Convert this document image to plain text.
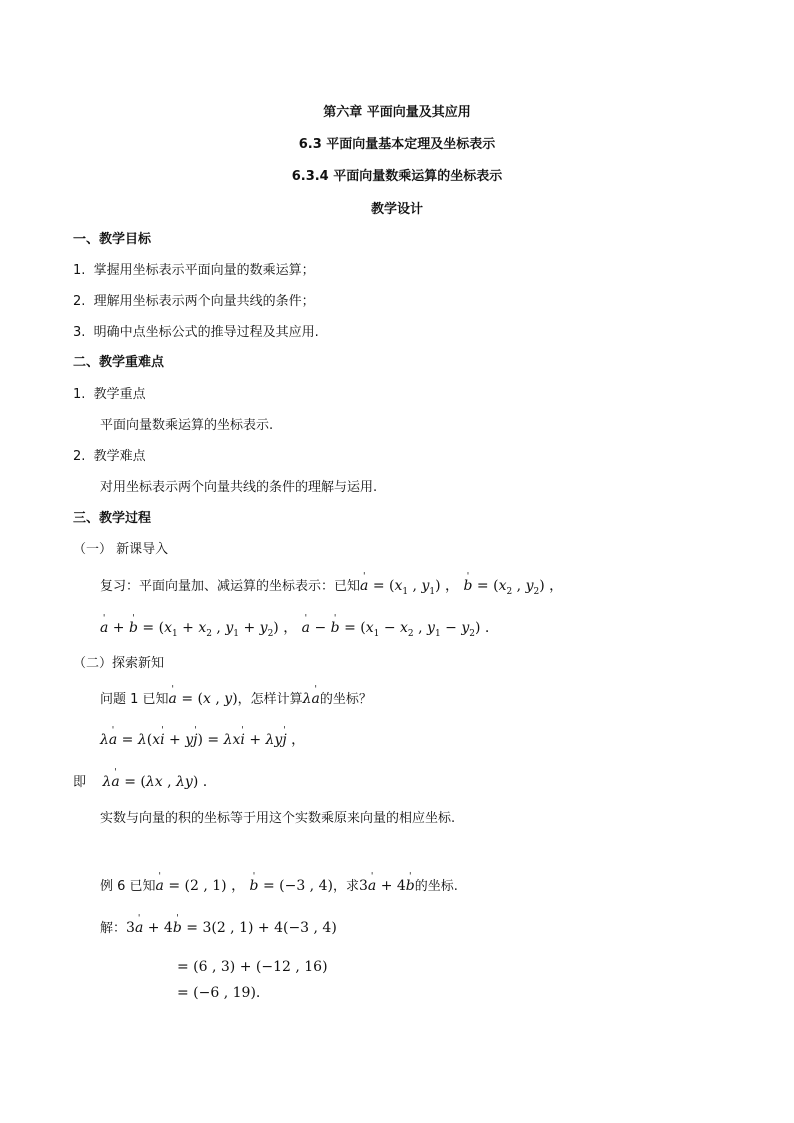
第六章 平面向量及其应用
6.3 平面向量基本定理及坐标表示
6.3.4 平面向量数乘运算的坐标表示
教学设计
一、教学目标
1. 掌握用坐标表示平面向量的数乘运算；
2. 理解用坐标表示两个向量共线的条件；
3. 明确中点坐标公式的推导过程及其应用.
二、教学重难点
1. 教学重点
平面向量数乘运算的坐标表示.
2. 教学难点
对用坐标表示两个向量共线的条件的理解与运用.
三、教学过程
（一） 新课导入
复习：平面向量加、减运算的坐标表示：已知' $a = (x_1$ , $y_1$) ， ' $b = (x_2$ , $y_2$) ，
' a + ' $b = (x_1 + x_2$ , $y_1 + y_2$) ， ' a − ' $b = (x_1 - x_2$ , $y_1 - y_2$) .
（二）探索新知
问题 1 已知' a = (x , y)，怎样计算λ' a的坐标？
λ' a = λ(x' i + y' j) = λx' i + λy' j ，
即 λ' a = (λx , λy) .
实数与向量的积的坐标等于用这个实数乘原来向量的相应坐标.
例 6 已知' a = (2 , 1) ， ' b = (−3 , 4)，求3' a + 4' b的坐标.
解：3' a + 4' b = 3(2 , 1) + 4(−3 , 4)
= (6 , 3) + (−12 , 16)
= (−6 , 19).
